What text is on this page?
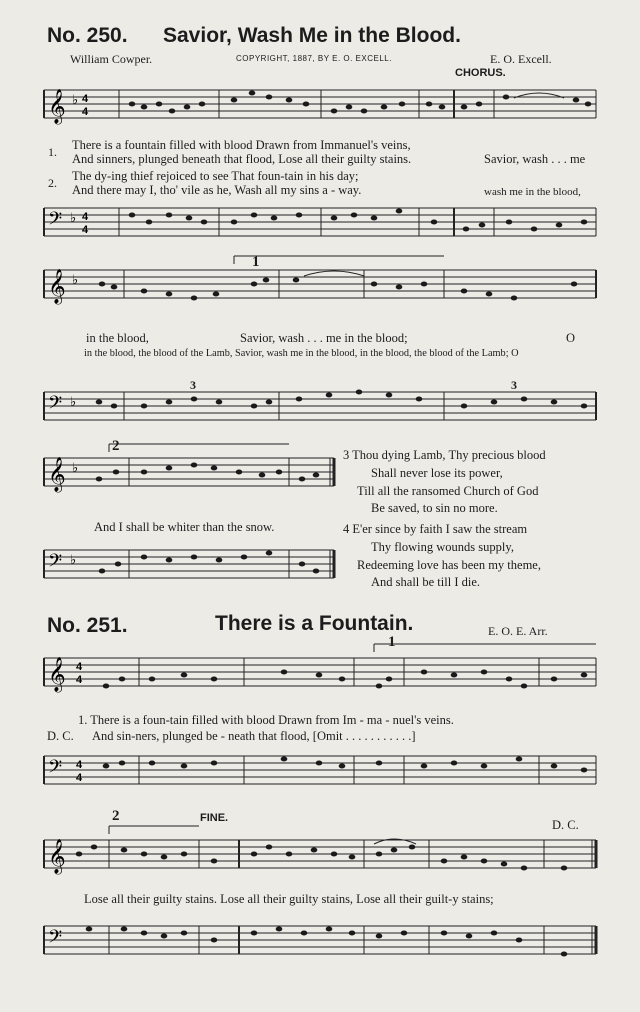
No. 250. Savior, Wash Me in the Blood.
William Cowper.	COPYRIGHT, 1887, BY E. O. EXCELL.	E. O. Excell.
CHORUS.
𝄞 ♭ 4
4
1.
2.
There is a fountain filled with blood Drawn from Immanuel's veins,
And sinners, plunged beneath that flood, Lose all their guilty stains.	Savior, wash . . . me
The dy-ing thief rejoiced to see That foun-tain in his day;
And there may I, tho' vile as he, Wash all my sins a - way.	wash me in the blood,
𝄢 ♭ 4
4
1
𝄞 ♭
in the blood,	Savior, wash . . . me in the blood;	O
in the blood, the blood of the Lamb, Savior, wash me in the blood, in the blood, the blood of the Lamb; O
3	3
𝄢 ♭
2
𝄞 ♭
And I shall be whiter than the snow.
𝄢 ♭
3 Thou dying Lamb, Thy precious blood
Shall never lose its power,
Till all the ransomed Church of God
Be saved, to sin no more.
4 E'er since by faith I saw the stream
Thy flowing wounds supply,
Redeeming love has been my theme,
And shall be till I die.
No. 251.	There is a Fountain.	E. O. E. Arr.
1
𝄞 4
4
1. There is a foun-tain filled with blood Drawn from Im - ma - nuel's veins.
D. C. And sin-ners, plunged be - neath that flood, [Omit . . . . . . . . . . .]
𝄢 4
4
2	FINE.	D. C.
𝄞
Lose all their guilty stains. Lose all their guilty stains, Lose all their guilt-y stains;
𝄢
